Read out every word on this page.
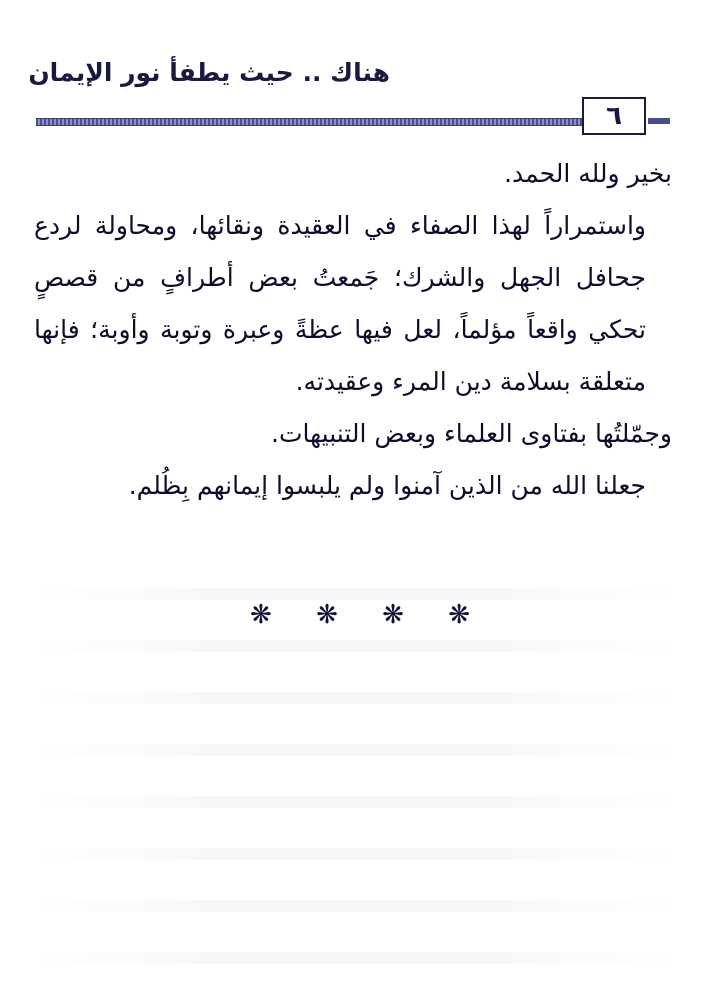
هناك .. حيث يطفأ نور الإيمان
٦

بخير ولله الحمد.

واستمراراً لهذا الصفاء في العقيدة ونقائها، ومحاولة لردع جحافل الجهل والشرك؛ جَمعتُ بعض أطرافٍ من قصصٍ تحكي واقعاً مؤلماً، لعل فيها عظةً وعبرة وتوبة وأوبة؛ فإنها متعلقة بسلامة دين المرء وعقيدته.

وجمّلتُها بفتاوى العلماء وبعض التنبيهات.

جعلنا الله من الذين آمنوا ولم يلبسوا إيمانهم بِظُلم.

❋ ❋ ❋ ❋
